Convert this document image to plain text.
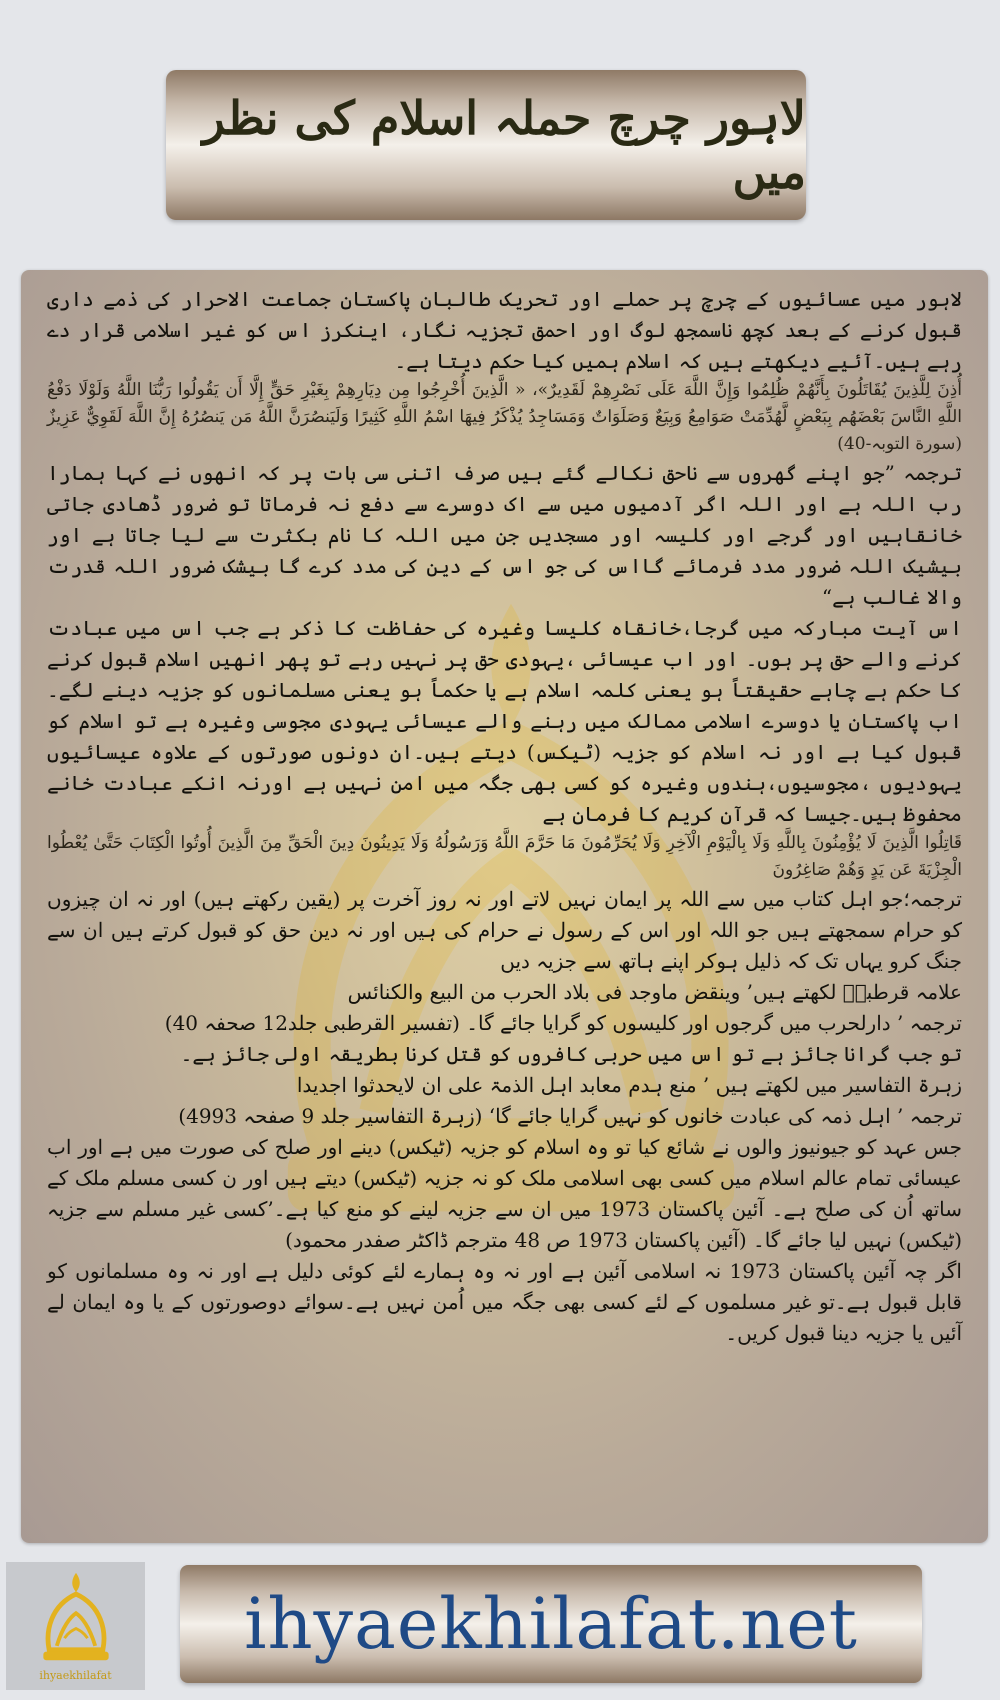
لاہور چرچ حملہ اسلام کی نظر میں

لاہور میں عسائیوں کے چرچ پر حملے اور تحریک طالبان پاکستان جماعت الاحرار کی ذمے داری قبول کرنے کے بعد کچھ ناسمجھ لوگ اور احمق تجزیہ نگار، اینکرز اس کو غیر اسلامی قرار دے رہے ہیں۔آئیے دیکھتے ہیں کہ اسلام ہمیں کیا حکم دیتا ہے۔

أُذِنَ لِلَّذِينَ يُقَاتَلُونَ بِأَنَّهُمْ ظُلِمُوا وَإِنَّ اللَّهَ عَلَى نَصْرِهِمْ لَقَدِيرٌ»، « الَّذِينَ أُخْرِجُوا مِن دِيَارِهِمْ بِغَيْرِ حَقٍّ إِلَّا أَن يَقُولُوا رَبُّنَا اللَّهُ وَلَوْلَا دَفْعُ اللَّهِ النَّاسَ بَعْضَهُم بِبَعْضٍ لَّهُدِّمَتْ صَوَامِعُ وَبِيَعٌ وَصَلَوَاتٌ وَمَسَاجِدُ يُذْكَرُ فِيهَا اسْمُ اللَّهِ كَثِيرًا وَلَيَنصُرَنَّ اللَّهُ مَن يَنصُرُهُ إِنَّ اللَّهَ لَقَوِيٌّ عَزِيزٌ (سورة التوبہ-40)

ترجمہ ”جو اپنے گھروں سے ناحق نکالے گئے ہیں صرف اتنی سی بات پر کہ انھوں نے کہا ہمارا رب اللہ ہے اور اللہ اگر آدمیوں میں سے اک دوسرے سے دفع نہ فرماتا تو ضرور ڈھادی جاتی خانقاہیں اور گرجے اور کلیسہ اور مسجدیں جن میں اللہ کا نام بکثرت سے لیا جاتا ہے اور بیشیک اللہ ضرور مدد فرمائے گااس کی جو اس کے دین کی مدد کرے گا بیشک ضرور اللہ قدرت والا غالب ہے“

اس آیت مبارکہ میں گرجا،خانقاہ کلیسا وغیرہ کی حفاظت کا ذکر ہے جب اس میں عبادت کرنے والے حق پر ہوں۔ اور اب عیسائی ،یہودی حق پر نہیں رہے تو پھر انھیں اسلام قبول کرنے کا حکم ہے چاہے حقیقتاً ہو یعنی کلمہ اسلام ہے یا حکماً ہو یعنی مسلمانوں کو جزیہ دینے لگے۔اب پاکستان یا دوسرے اسلامی ممالک میں رہنے والے عیسائی یہودی مجوسی وغیرہ ہے تو اسلام کو قبول کیا ہے اور نہ اسلام کو جزیہ (ٹیکس) دیتے ہیں۔ان دونوں صورتوں کے علاوہ عیسائیوں یہودیوں ،مجوسیوں،ہندوں وغیرہ کو کسی بھی جگہ میں امن نہیں ہے اورنہ انکے عبادت خانے محفوظ ہیں۔جیسا کہ قرآن کریم کا فرمان ہے

قَاتِلُوا الَّذِينَ لَا يُؤْمِنُونَ بِاللَّهِ وَلَا بِالْيَوْمِ الْآخِرِ وَلَا يُحَرِّمُونَ مَا حَرَّمَ اللَّهُ وَرَسُولُهُ وَلَا يَدِينُونَ دِينَ الْحَقِّ مِنَ الَّذِينَ أُوتُوا الْكِتَابَ حَتَّىٰ يُعْطُوا الْجِزْيَةَ عَن يَدٍ وَهُمْ صَاغِرُونَ

ترجمہ؛جو اہل کتاب میں سے اللہ پر ایمان نہیں لاتے اور نہ روز آخرت پر (یقین رکھتے ہیں) اور نہ ان چیزوں کو حرام سمجھتے ہیں جو اللہ اور اس کے رسول نے حرام کی ہیں اور نہ دین حق کو قبول کرتے ہیں ان سے جنگ کرو یہاں تک کہ ذلیل ہوکر اپنے ہاتھ سے جزیہ دیں

علامہ قرطبیؒ لکھتے ہیں’ وینقض ماوجد فی بلاد الحرب من البیع والکنائس

ترجمہ ’ دارلحرب میں گرجوں اور کلیسوں کو گرایا جائے گا۔ (تفسیر القرطبی جلد12 صحفہ 40)

تو جب گرانا جائز ہے تو اس میں حربی کافروں کو قتل کرنا بطریقہ اولی جائز ہے۔

زہرۃ التفاسیر میں لکھتے ہیں ’ منع ہدم معابد اہل الذمۃ علی ان لایحدثوا اجدیدا

ترجمہ ’ اہل ذمہ کی عبادت خانوں کو نہیں گرایا جائے گا‘ (زہرۃ التفاسیر جلد 9 صفحہ 4993)

جس عہد کو جیونیوز والوں نے شائع کیا تو وہ اسلام کو جزیہ (ٹیکس) دینے اور صلح کی صورت میں ہے اور اب عیسائی تمام عالم اسلام میں کسی بھی اسلامی ملک کو نہ جزیہ (ٹیکس) دیتے ہیں اور ن کسی مسلم ملک کے ساتھ اُن کی صلح ہے۔ آئین پاکستان 1973 میں ان سے جزیہ لینے کو منع کیا ہے۔’کسی غیر مسلم سے جزیہ (ٹیکس) نہیں لیا جائے گا۔ (آئین پاکستان 1973 ص 48 مترجم ڈاکٹر صفدر محمود)

اگر چہ آئین پاکستان 1973 نہ اسلامی آئین ہے اور نہ وہ ہمارے لئے کوئی دلیل ہے اور نہ وہ مسلمانوں کو قابل قبول ہے۔تو غیر مسلموں کے لئے کسی بھی جگہ میں اُمن نہیں ہے۔سوائے دوصورتوں کے یا وہ ایمان لے آئیں یا جزیہ دینا قبول کریں۔

ihyaekhilafat
ihyaekhilafat.net
